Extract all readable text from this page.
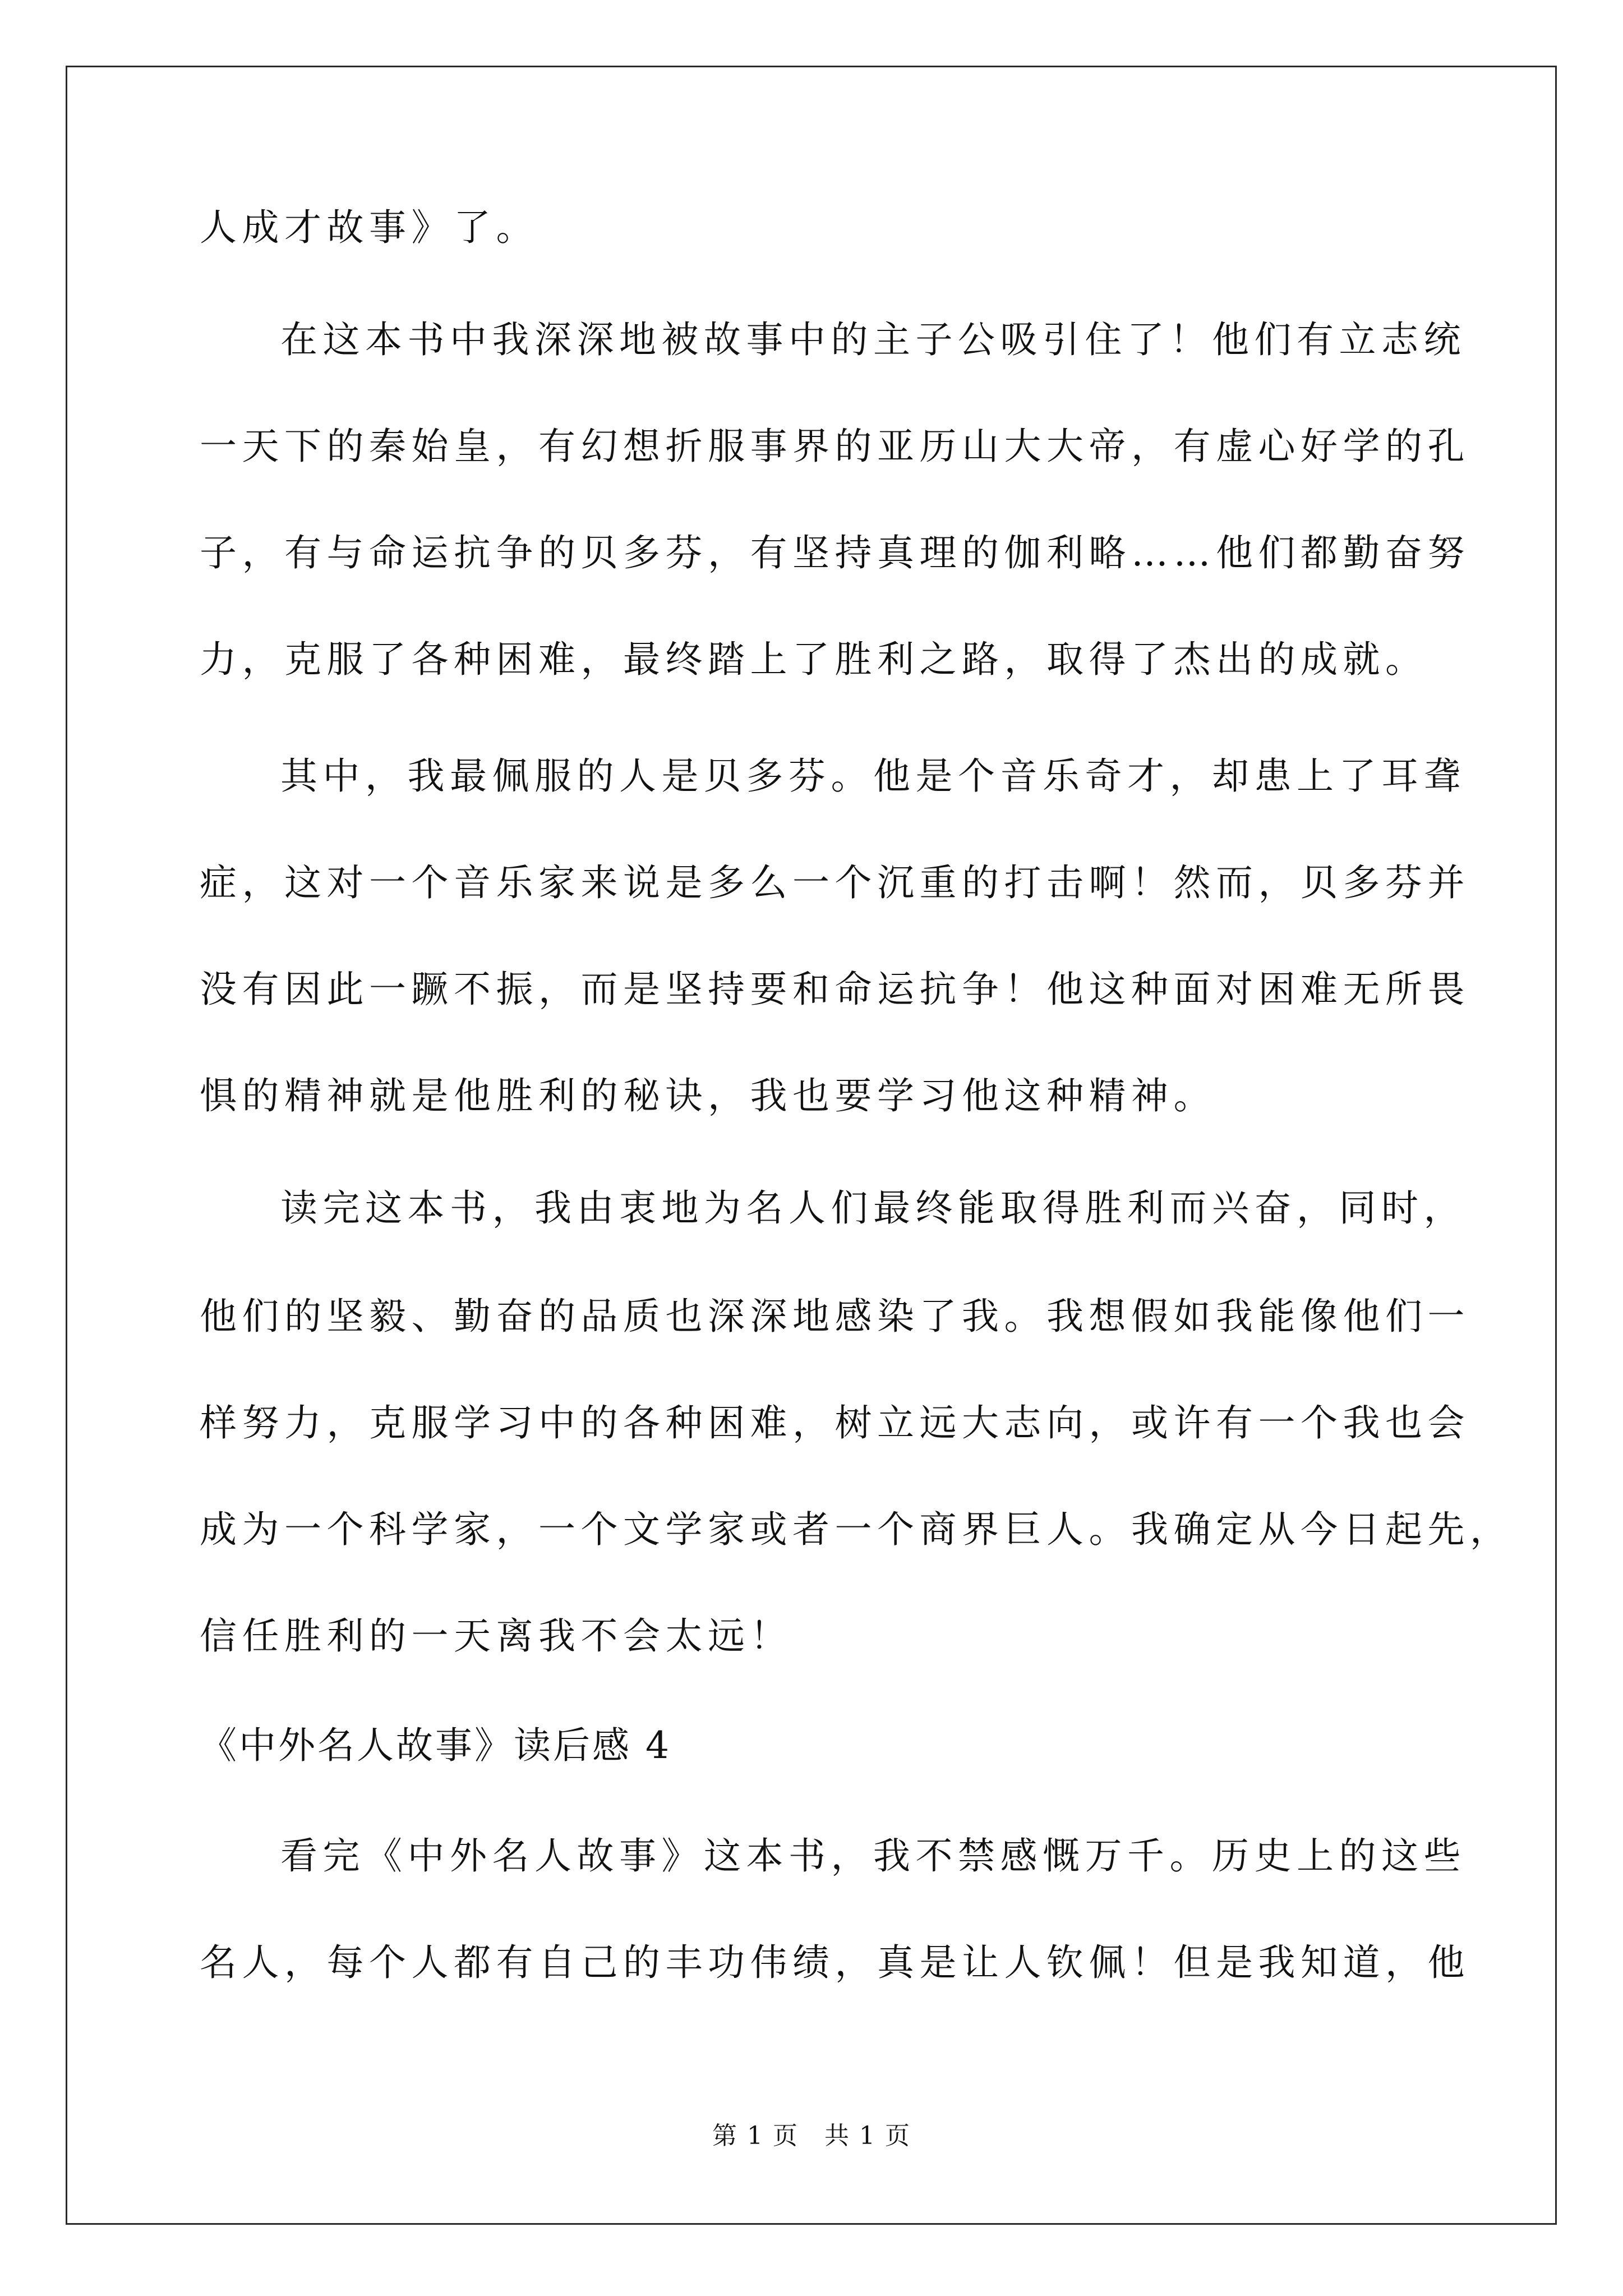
人成才故事》了。
在这本书中我深深地被故事中的主子公吸引住了！他们有立志统
一天下的秦始皇，有幻想折服事界的亚历山大大帝，有虚心好学的孔
子，有与命运抗争的贝多芬，有坚持真理的伽利略……他们都勤奋努
力，克服了各种困难，最终踏上了胜利之路，取得了杰出的成就。
其中，我最佩服的人是贝多芬。他是个音乐奇才，却患上了耳聋
症，这对一个音乐家来说是多么一个沉重的打击啊！然而，贝多芬并
没有因此一蹶不振，而是坚持要和命运抗争！他这种面对困难无所畏
惧的精神就是他胜利的秘诀，我也要学习他这种精神。
读完这本书，我由衷地为名人们最终能取得胜利而兴奋，同时，
他们的坚毅、勤奋的品质也深深地感染了我。我想假如我能像他们一
样努力，克服学习中的各种困难，树立远大志向，或许有一个我也会
成为一个科学家，一个文学家或者一个商界巨人。我确定从今日起先，
信任胜利的一天离我不会太远！
《中外名人故事》读后感 4
看完《中外名人故事》这本书，我不禁感慨万千。历史上的这些
名人，每个人都有自己的丰功伟绩，真是让人钦佩！但是我知道，他
第 1 页　共 1 页
